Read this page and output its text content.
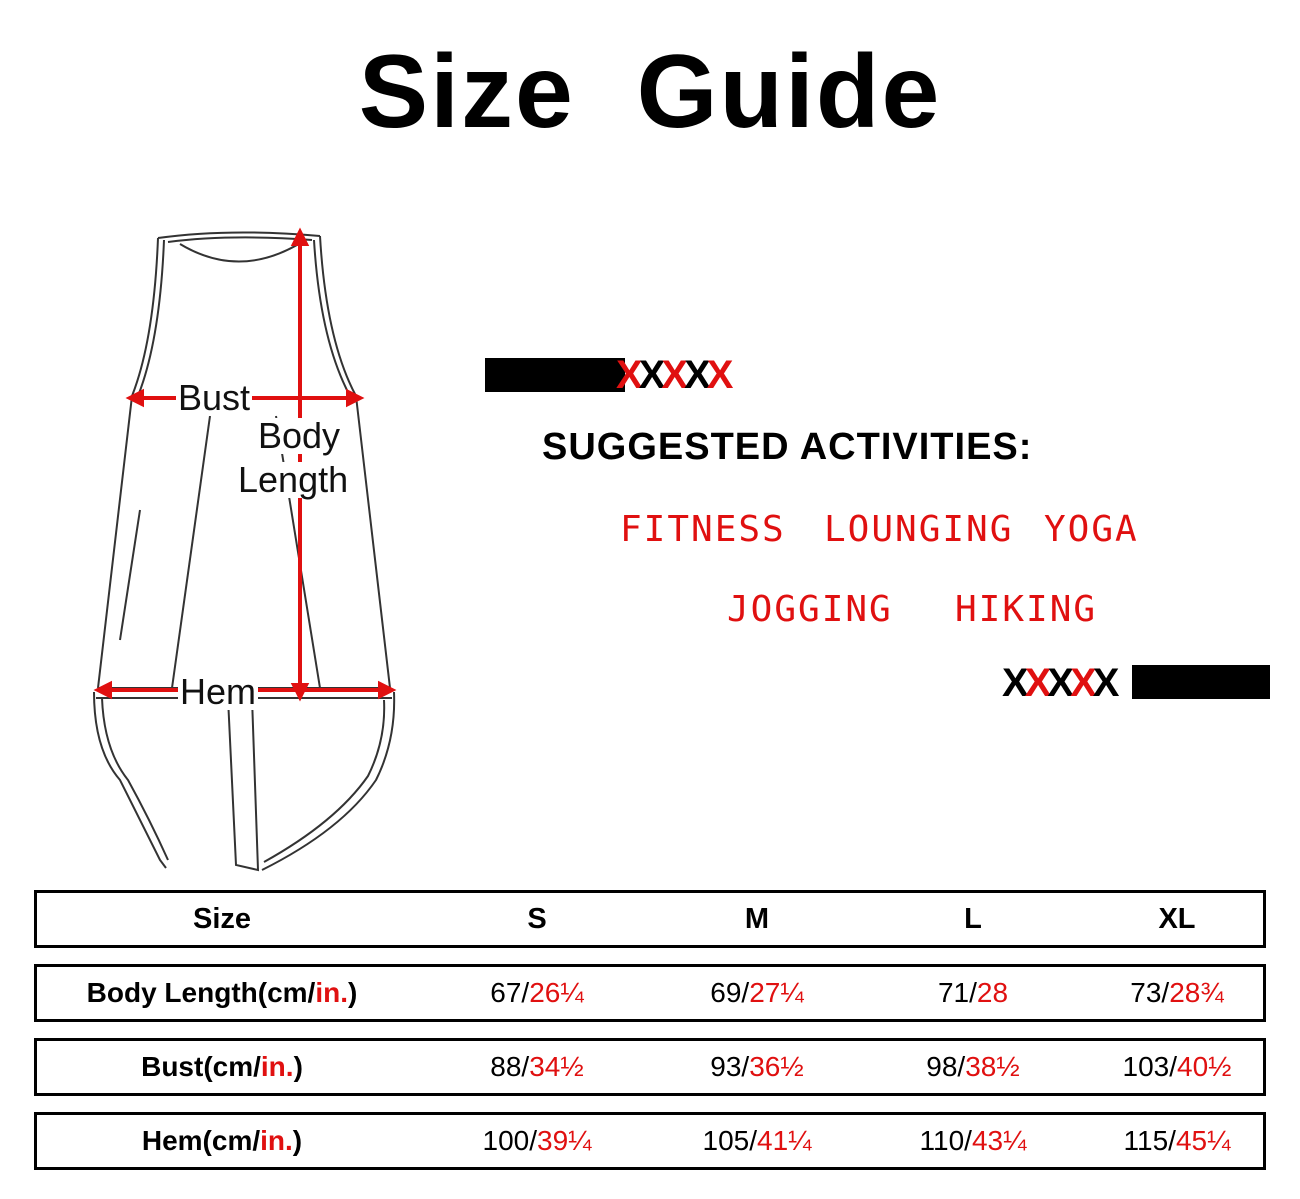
Size  Guide
Bust
Body
Length
Hem
XXXXX
SUGGESTED ACTIVITIES:
FITNESS LOUNGING YOGA
JOGGING HIKING
XXXXX
Size	S	M	L	XL
Body Length(cm/ in. )	67/ 26¼	69/ 27¼	71/ 28	73/ 28¾
Bust(cm/ in. )	88/ 34½	93/ 36½	98/ 38½	103/ 40½
Hem(cm/ in. )	100/ 39¼	105/ 41¼	110/ 43¼	115/ 45¼
